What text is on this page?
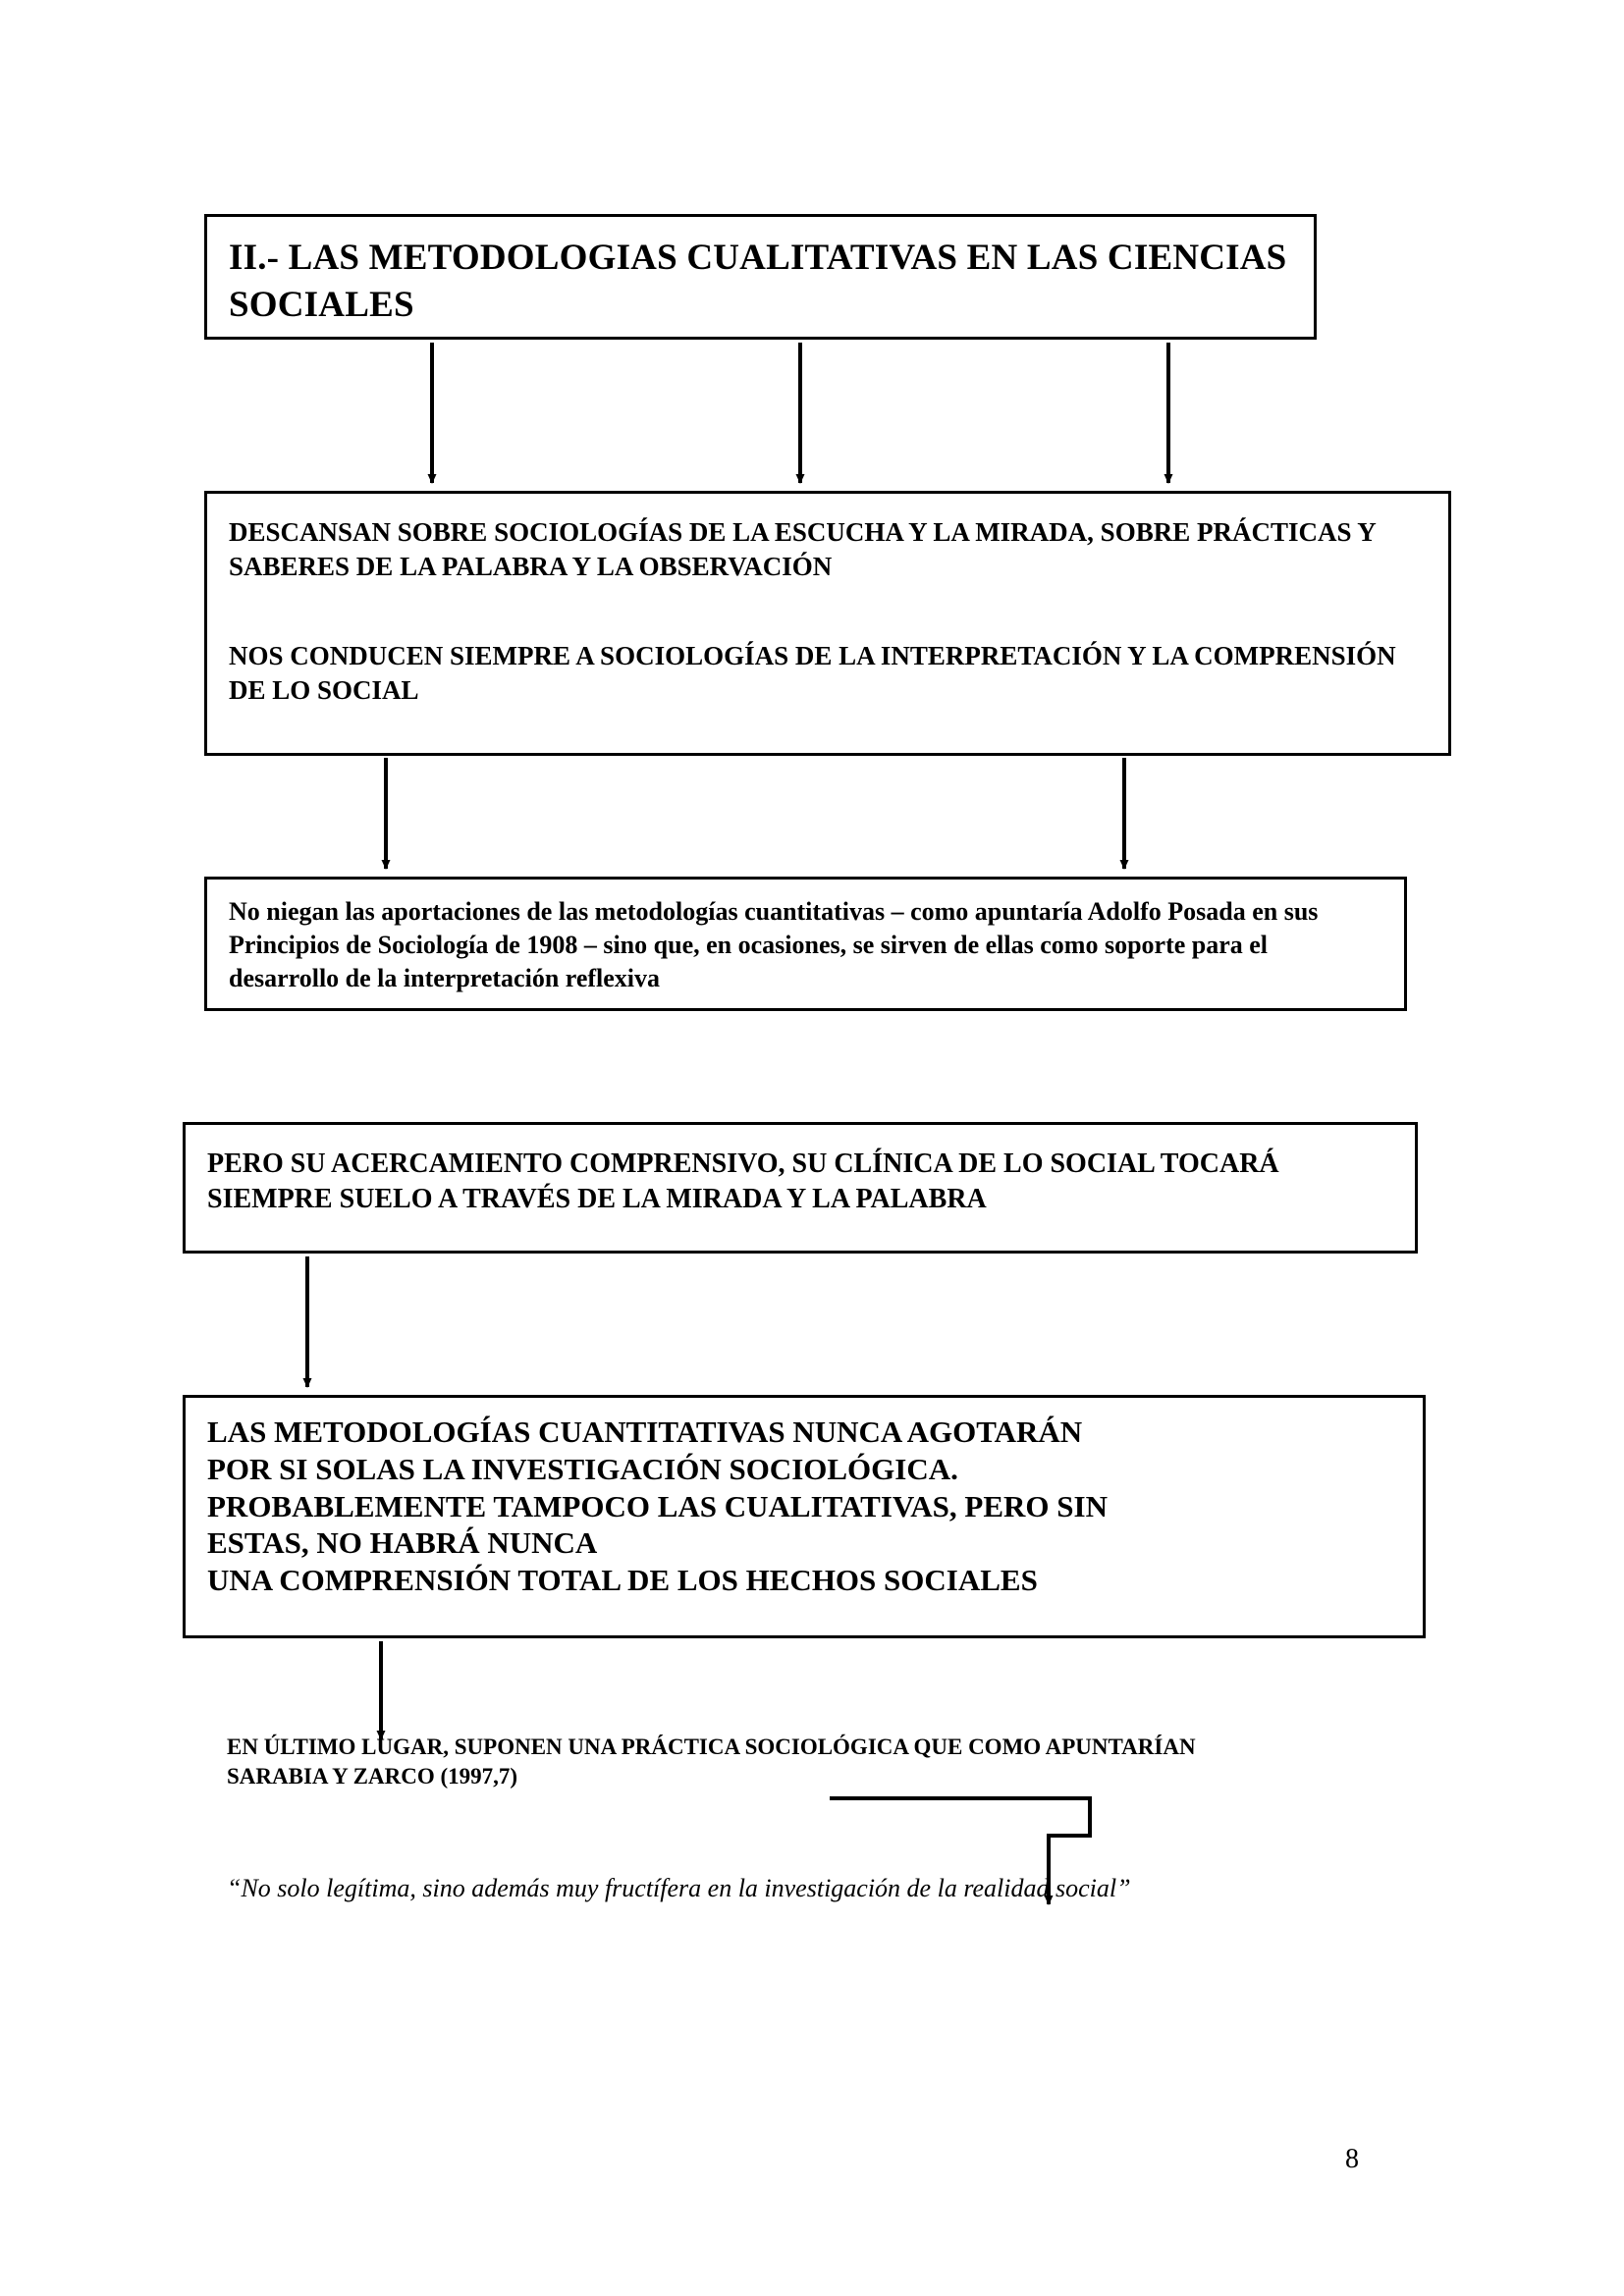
II.- LAS METODOLOGIAS CUALITATIVAS EN LAS CIENCIAS SOCIALES
DESCANSAN SOBRE SOCIOLOGÍAS DE LA ESCUCHA Y LA MIRADA, SOBRE PRÁCTICAS Y SABERES DE LA PALABRA Y LA OBSERVACIÓN
NOS CONDUCEN SIEMPRE A SOCIOLOGÍAS DE LA INTERPRETACIÓN Y LA COMPRENSIÓN DE LO SOCIAL
No niegan las aportaciones de las metodologías cuantitativas – como apuntaría Adolfo Posada en sus Principios de Sociología de 1908 – sino que, en ocasiones, se sirven de ellas como soporte para el desarrollo de la interpretación reflexiva
PERO SU ACERCAMIENTO COMPRENSIVO, SU CLÍNICA DE LO SOCIAL TOCARÁ SIEMPRE SUELO A TRAVÉS DE LA MIRADA Y LA PALABRA
LAS METODOLOGÍAS CUANTITATIVAS NUNCA AGOTARÁN
POR SI SOLAS LA INVESTIGACIÓN SOCIOLÓGICA.
PROBABLEMENTE TAMPOCO LAS CUALITATIVAS, PERO SIN
ESTAS, NO HABRÁ NUNCA
UNA COMPRENSIÓN TOTAL DE LOS HECHOS SOCIALES
EN ÚLTIMO LUGAR, SUPONEN UNA PRÁCTICA SOCIOLÓGICA QUE COMO APUNTARÍAN SARABIA Y ZARCO (1997,7)
“No solo legítima, sino además muy fructífera en la investigación de la realidad social”
8
